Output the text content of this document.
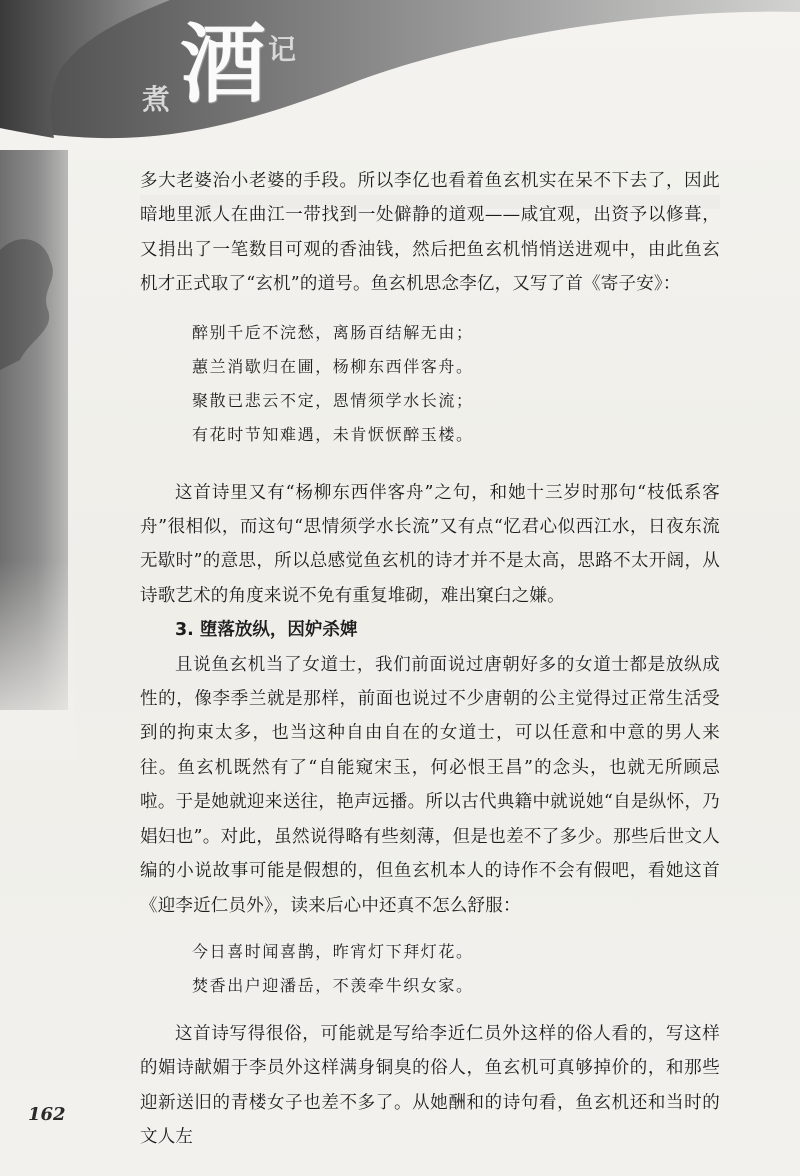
煮 酒 记

多大老婆治小老婆的手段。所以李亿也看着鱼玄机实在呆不下去了，因此暗地里派人在曲江一带找到一处僻静的道观——咸宜观，出资予以修葺，又捐出了一笔数目可观的香油钱，然后把鱼玄机悄悄送进观中，由此鱼玄机才正式取了“玄机”的道号。鱼玄机思念李亿，又写了首《寄子安》：

醉别千卮不浣愁，离肠百结解无由；
蕙兰消歇归在圃，杨柳东西伴客舟。
聚散已悲云不定，恩情须学水长流；
有花时节知难遇，未肯恹恹醉玉楼。

这首诗里又有“杨柳东西伴客舟”之句，和她十三岁时那句“枝低系客舟”很相似，而这句“思情须学水长流”又有点“忆君心似西江水，日夜东流无歇时”的意思，所以总感觉鱼玄机的诗才并不是太高，思路不太开阔，从诗歌艺术的角度来说不免有重复堆砌，难出窠臼之嫌。

3. 堕落放纵，因妒杀婢

且说鱼玄机当了女道士，我们前面说过唐朝好多的女道士都是放纵成性的，像李季兰就是那样，前面也说过不少唐朝的公主觉得过正常生活受到的拘束太多，也当这种自由自在的女道士，可以任意和中意的男人来往。鱼玄机既然有了“自能窥宋玉，何必恨王昌”的念头，也就无所顾忌啦。于是她就迎来送往，艳声远播。所以古代典籍中就说她“自是纵怀，乃娼妇也”。对此，虽然说得略有些刻薄，但是也差不了多少。那些后世文人编的小说故事可能是假想的，但鱼玄机本人的诗作不会有假吧，看她这首《迎李近仁员外》，读来后心中还真不怎么舒服：

今日喜时闻喜鹊，昨宵灯下拜灯花。
焚香出户迎潘岳，不羡牵牛织女家。

这首诗写得很俗，可能就是写给李近仁员外这样的俗人看的，写这样的媚诗献媚于李员外这样满身铜臭的俗人，鱼玄机可真够掉价的，和那些迎新送旧的青楼女子也差不多了。从她酬和的诗句看，鱼玄机还和当时的文人左

162
